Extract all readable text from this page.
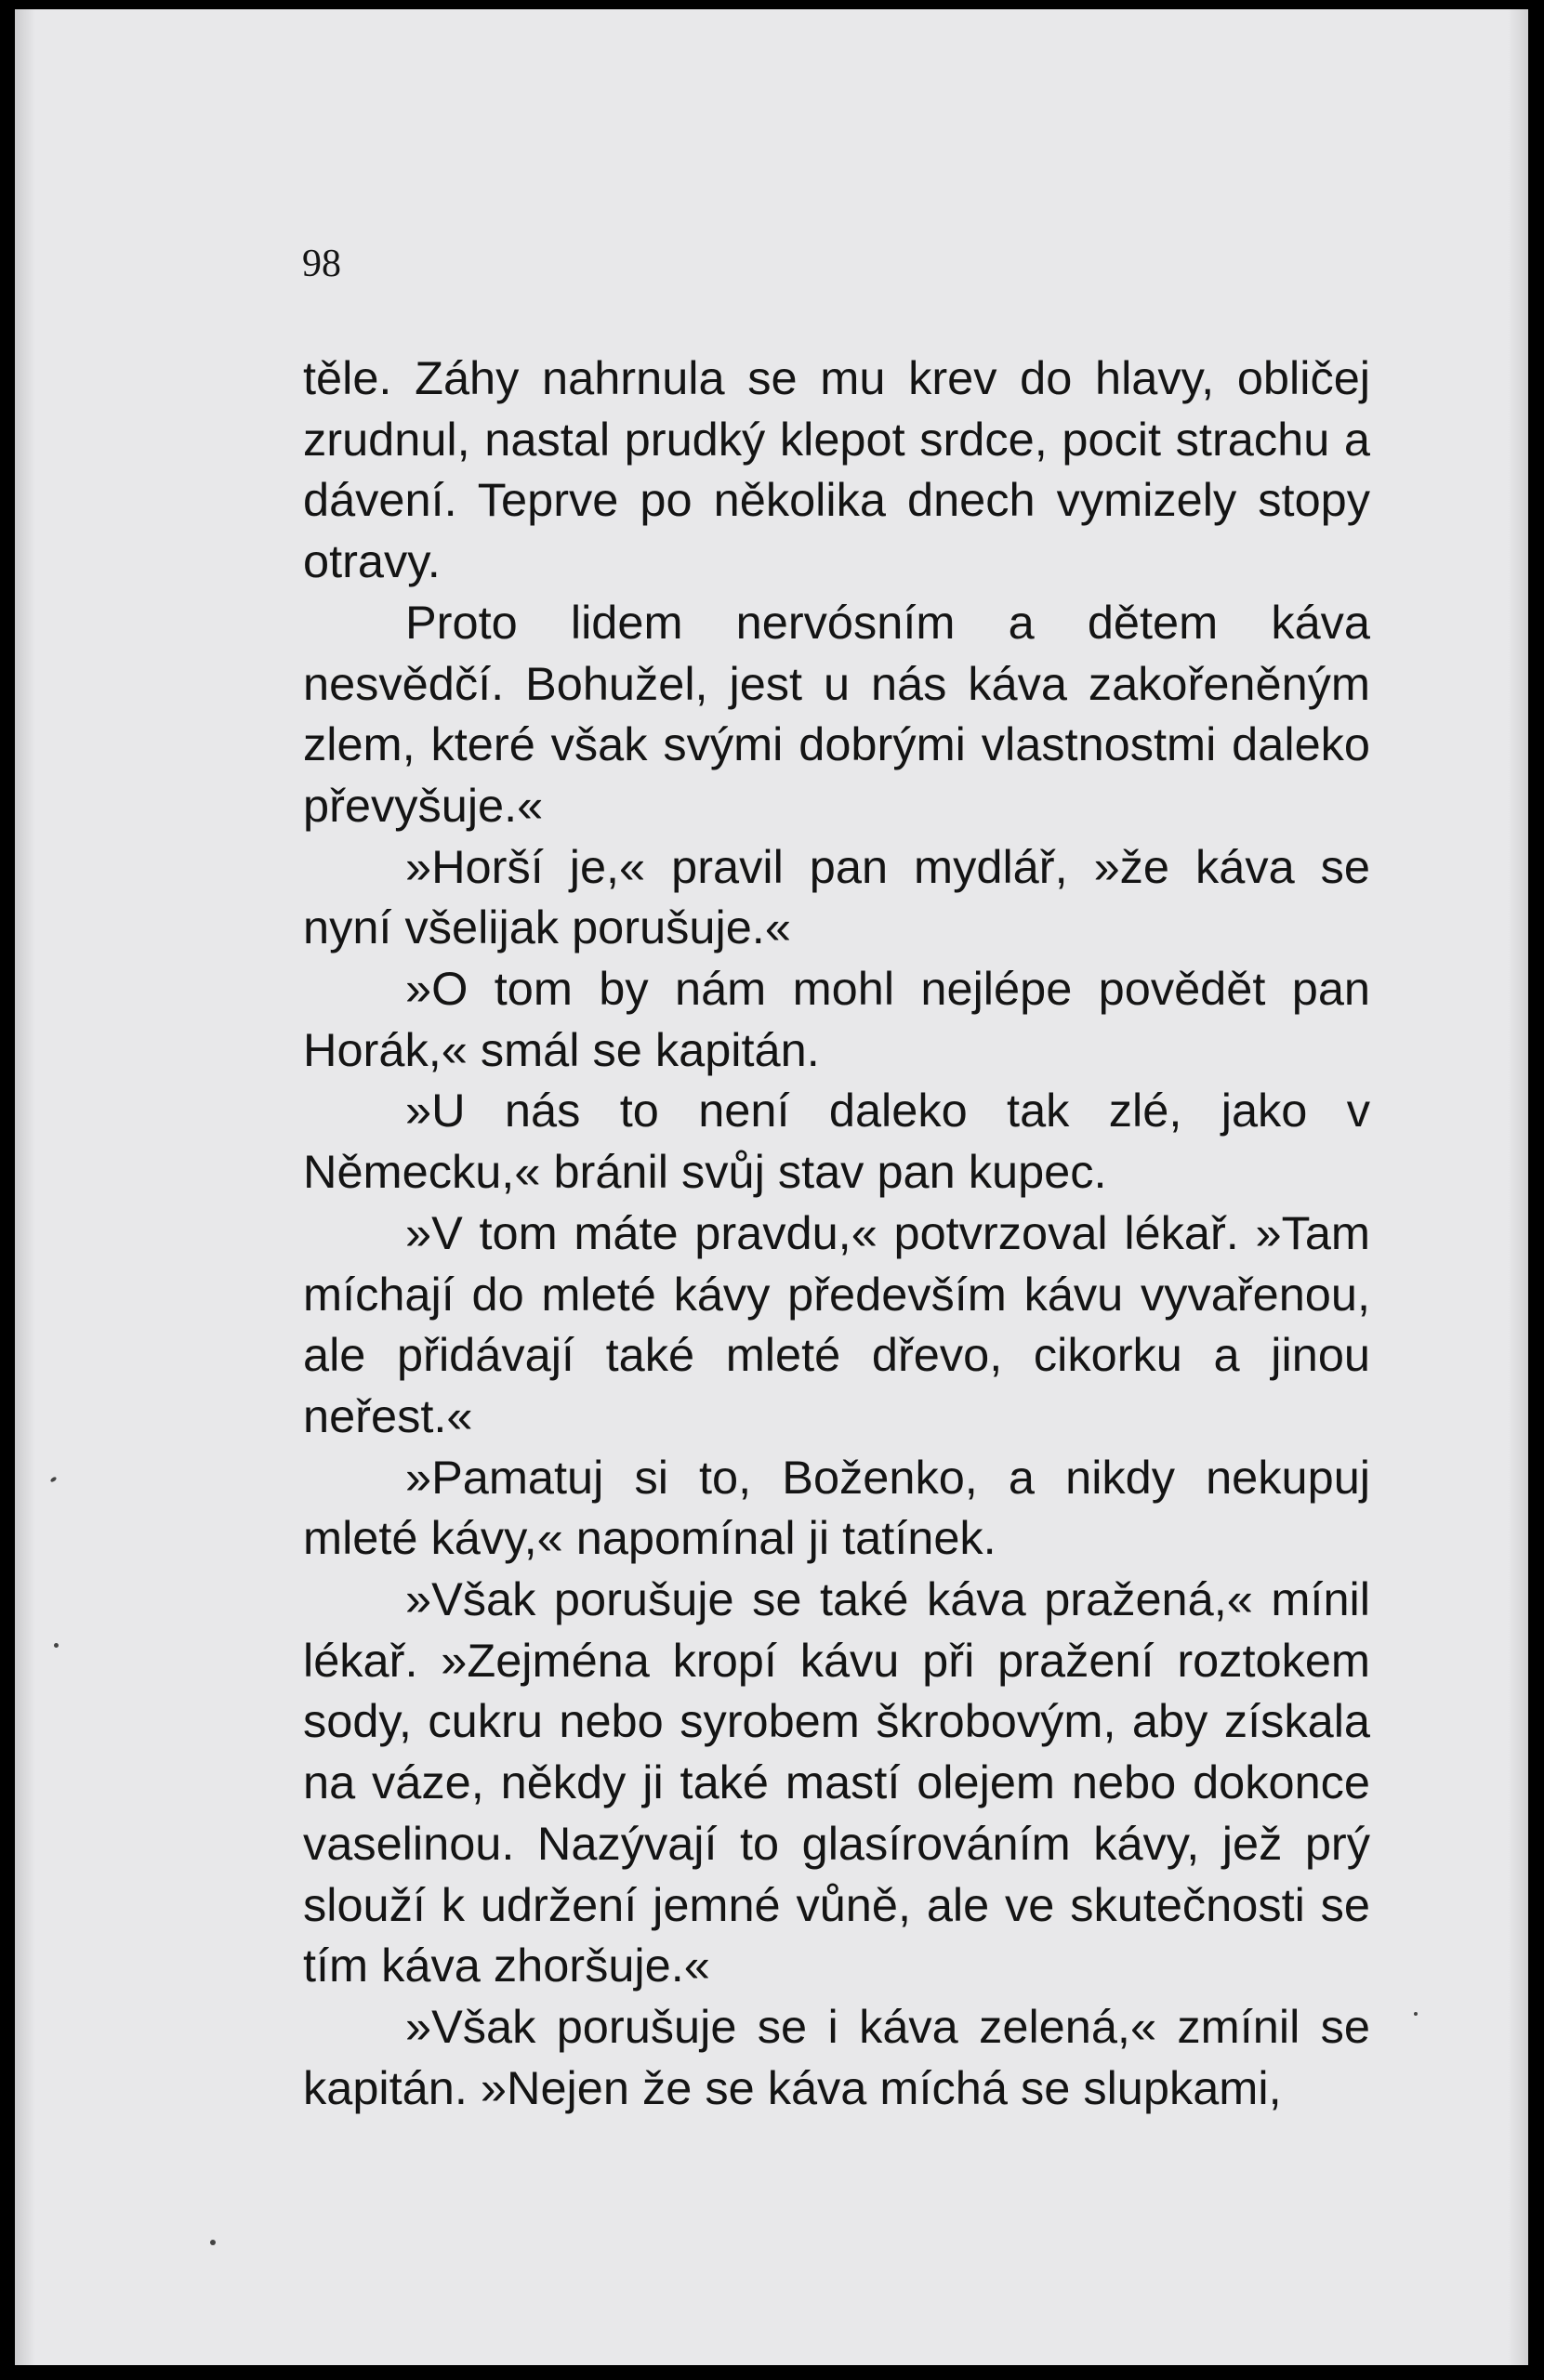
98

těle. Záhy nahrnula se mu krev do hlavy, obličej zrudnul, nastal prudký klepot srdce, pocit strachu a dávení. Teprve po několika dnech vymizely stopy otravy.

Proto lidem nervósním a dětem káva nesvědčí. Bohužel, jest u nás káva zakořeněným zlem, které však svými dobrými vlastnostmi daleko převyšuje.«

»Horší je,« pravil pan mydlář, »že káva se nyní všelijak porušuje.«

»O tom by nám mohl nejlépe povědět pan Horák,« smál se kapitán.

»U nás to není daleko tak zlé, jako v Německu,« bránil svůj stav pan kupec.

»V tom máte pravdu,« potvrzoval lékař. »Tam míchají do mleté kávy především kávu vyvařenou, ale přidávají také mleté dřevo, cikorku a jinou neřest.«

»Pamatuj si to, Boženko, a nikdy nekupuj mleté kávy,« napomínal ji tatínek.

»Však porušuje se také káva pražená,« mínil lékař. »Zejména kropí kávu při pražení roztokem sody, cukru nebo syrobem škrobovým, aby získala na váze, někdy ji také mastí olejem nebo dokonce vaselinou. Nazývají to glasírováním kávy, jež prý slouží k udržení jemné vůně, ale ve skutečnosti se tím káva zhoršuje.«

»Však porušuje se i káva zelená,« zmínil se kapitán. »Nejen že se káva míchá se slupkami,
